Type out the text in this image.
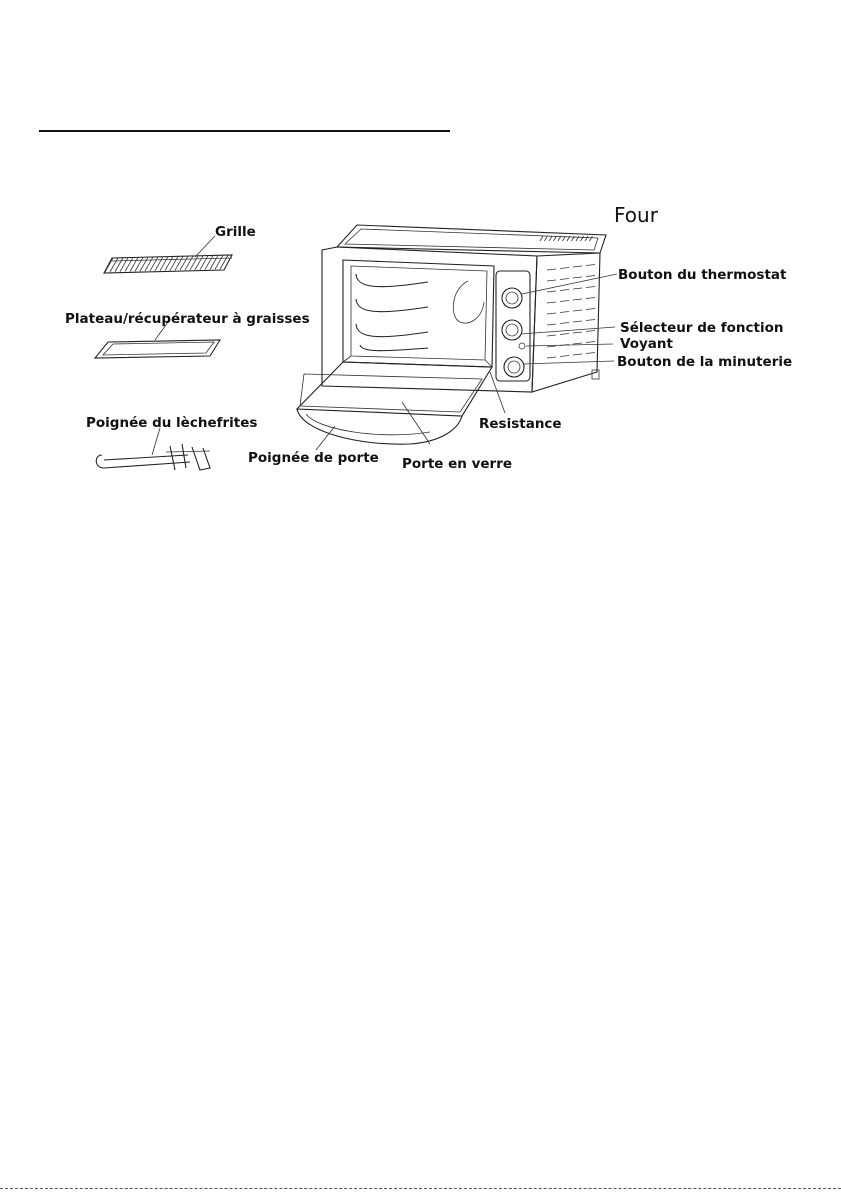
Grille
Plateau/récupérateur à graisses
Poignée du lèchefrites
Four
Bouton du thermostat
Sélecteur de fonction
Voyant
Bouton de la minuterie
Resistance
Poignée de porte Porte en verre
